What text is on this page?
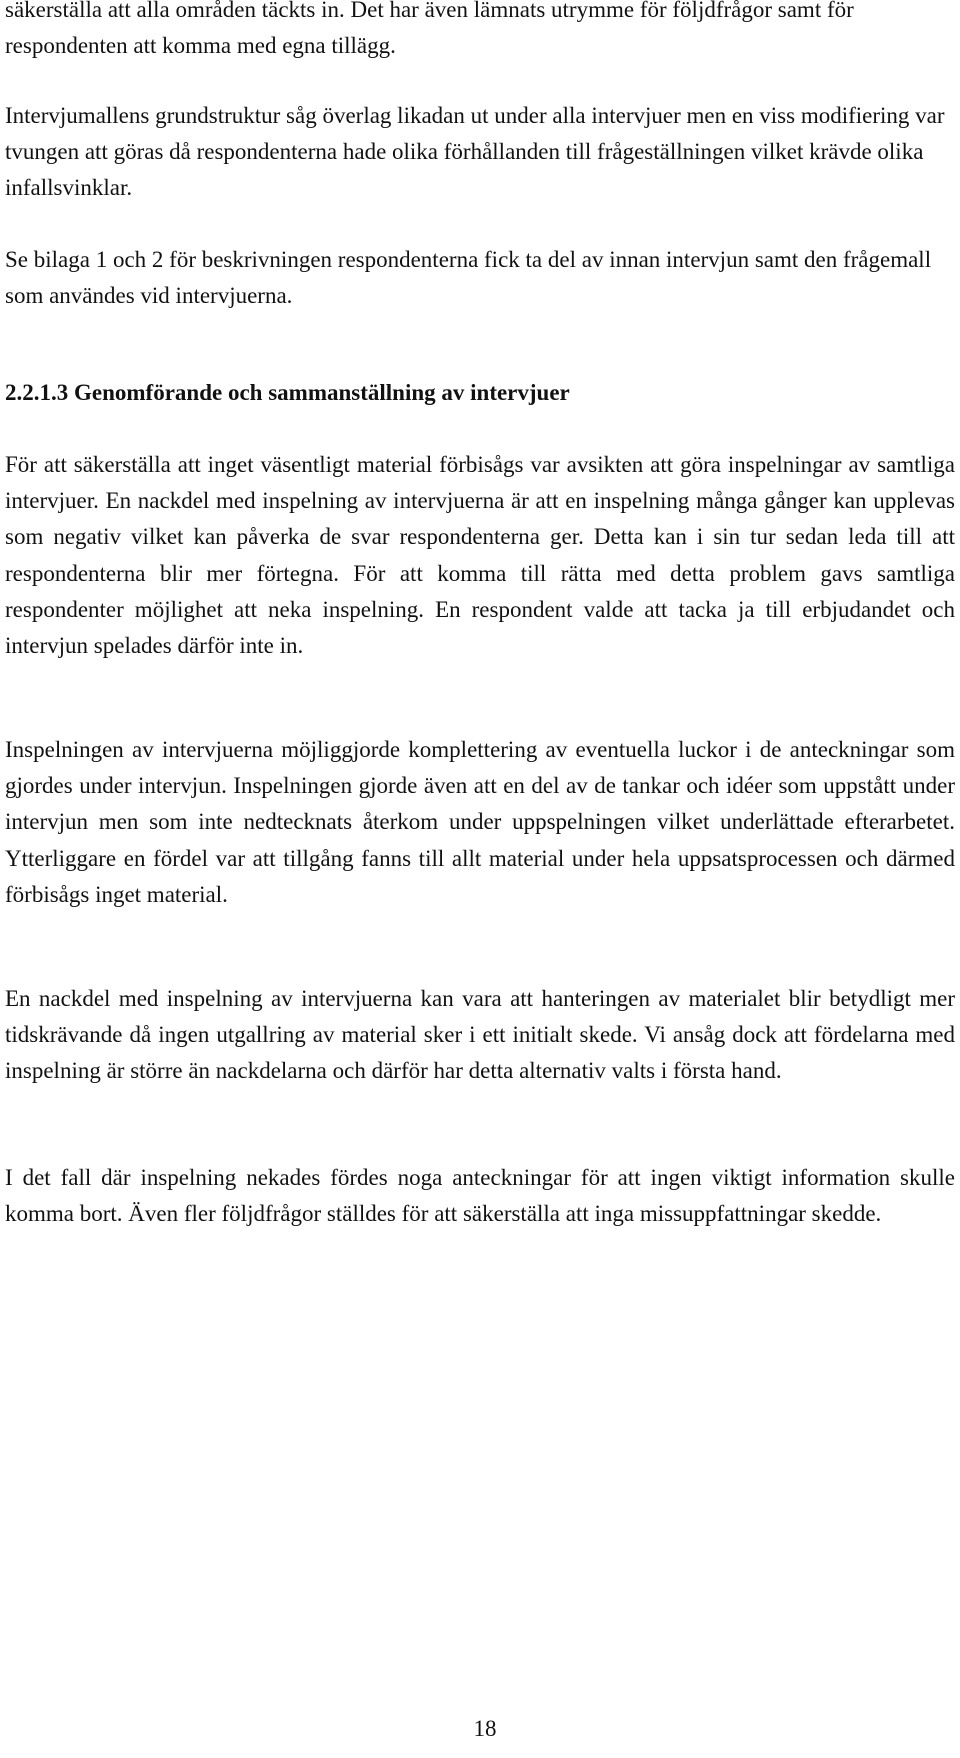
säkerställa att alla områden täckts in. Det har även lämnats utrymme för följdfrågor samt för respondenten att komma med egna tillägg.

Intervjumallens grundstruktur såg överlag likadan ut under alla intervjuer men en viss modifiering var tvungen att göras då respondenterna hade olika förhållanden till frågeställningen vilket krävde olika infallsvinklar.

Se bilaga 1 och 2 för beskrivningen respondenterna fick ta del av innan intervjun samt den frågemall som användes vid intervjuerna.

2.2.1.3 Genomförande och sammanställning av intervjuer

För att säkerställa att inget väsentligt material förbisågs var avsikten att göra inspelningar av samtliga intervjuer. En nackdel med inspelning av intervjuerna är att en inspelning många gånger kan upplevas som negativ vilket kan påverka de svar respondenterna ger. Detta kan i sin tur sedan leda till att respondenterna blir mer förtegna. För att komma till rätta med detta problem gavs samtliga respondenter möjlighet att neka inspelning. En respondent valde att tacka ja till erbjudandet och intervjun spelades därför inte in.

Inspelningen av intervjuerna möjliggjorde komplettering av eventuella luckor i de anteckningar som gjordes under intervjun. Inspelningen gjorde även att en del av de tankar och idéer som uppstått under intervjun men som inte nedtecknats återkom under uppspelningen vilket underlättade efterarbetet. Ytterliggare en fördel var att tillgång fanns till allt material under hela uppsatsprocessen och därmed förbisågs inget material.

En nackdel med inspelning av intervjuerna kan vara att hanteringen av materialet blir betydligt mer tidskrävande då ingen utgallring av material sker i ett initialt skede. Vi ansåg dock att fördelarna med inspelning är större än nackdelarna och därför har detta alternativ valts i första hand.

I det fall där inspelning nekades fördes noga anteckningar för att ingen viktigt information skulle komma bort. Även fler följdfrågor ställdes för att säkerställa att inga missuppfattningar skedde.

18
